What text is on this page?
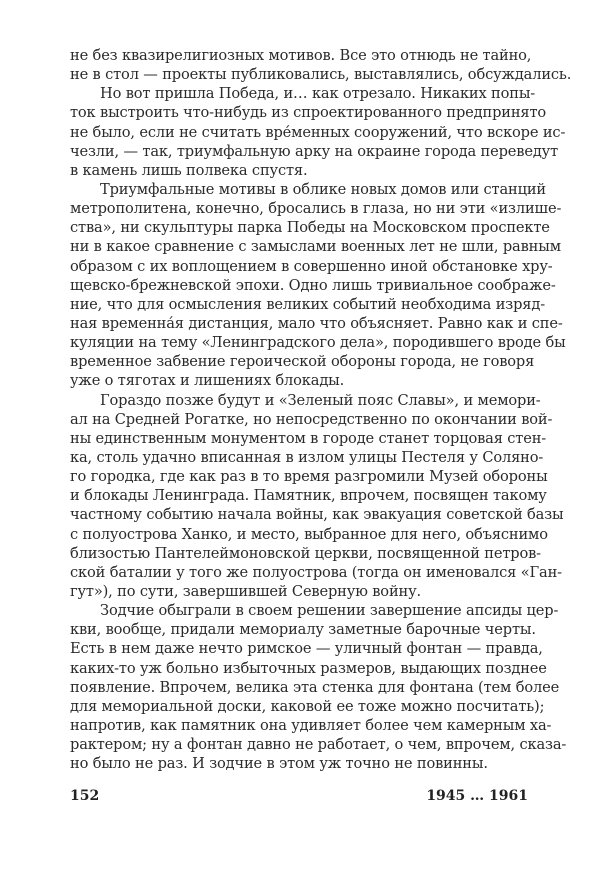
не без квазирелигиозных мотивов. Все это отнюдь не тайно,
не в стол — проекты публиковались, выставлялись, обсуждались.
Но вот пришла Победа, и… как отрезало. Никаких попы-
ток выстроить что-нибудь из спроектированного предпринято
не было, если не считать вре́менных сооружений, что вскоре ис-
чезли, — так, триумфальную арку на окраине города переведут
в камень лишь полвека спустя.
Триумфальные мотивы в облике новых домов или станций
метрополитена, конечно, бросались в глаза, но ни эти «излише-
ства», ни скульптуры парка Победы на Московском проспекте
ни в какое сравнение с замыслами военных лет не шли, равным
образом с их воплощением в совершенно иной обстановке хру-
щевско-брежневской эпохи. Одно лишь тривиальное соображе-
ние, что для осмысления великих событий необходима изряд-
ная временна́я дистанция, мало что объясняет. Равно как и спе-
куляции на тему «Ленинградского дела», породившего вроде бы
временное забвение героической обороны города, не говоря
уже о тяготах и лишениях блокады.
Гораздо позже будут и «Зеленый пояс Славы», и мемори-
ал на Средней Рогатке, но непосредственно по окончании вой-
ны единственным монументом в городе станет торцовая стен-
ка, столь удачно вписанная в излом улицы Пестеля у Соляно-
го городка, где как раз в то время разгромили Музей обороны
и блокады Ленинграда. Памятник, впрочем, посвящен такому
частному событию начала войны, как эвакуация советской базы
с полуострова Ханко, и место, выбранное для него, объяснимо
близостью Пантелеймоновской церкви, посвященной петров-
ской баталии у того же полуострова (тогда он именовался «Ган-
гут»), по сути, завершившей Северную войну.
Зодчие обыграли в своем решении завершение апсиды цер-
кви, вообще, придали мемориалу заметные барочные черты.
Есть в нем даже нечто римское — уличный фонтан — правда,
каких-то уж больно избыточных размеров, выдающих позднее
появление. Впрочем, велика эта стенка для фонтана (тем более
для мемориальной доски, каковой ее тоже можно посчитать);
напротив, как памятник она удивляет более чем камерным ха-
рактером; ну а фонтан давно не работает, о чем, впрочем, сказа-
но было не раз. И зодчие в этом уж точно не повинны.
152	1945 … 1961
